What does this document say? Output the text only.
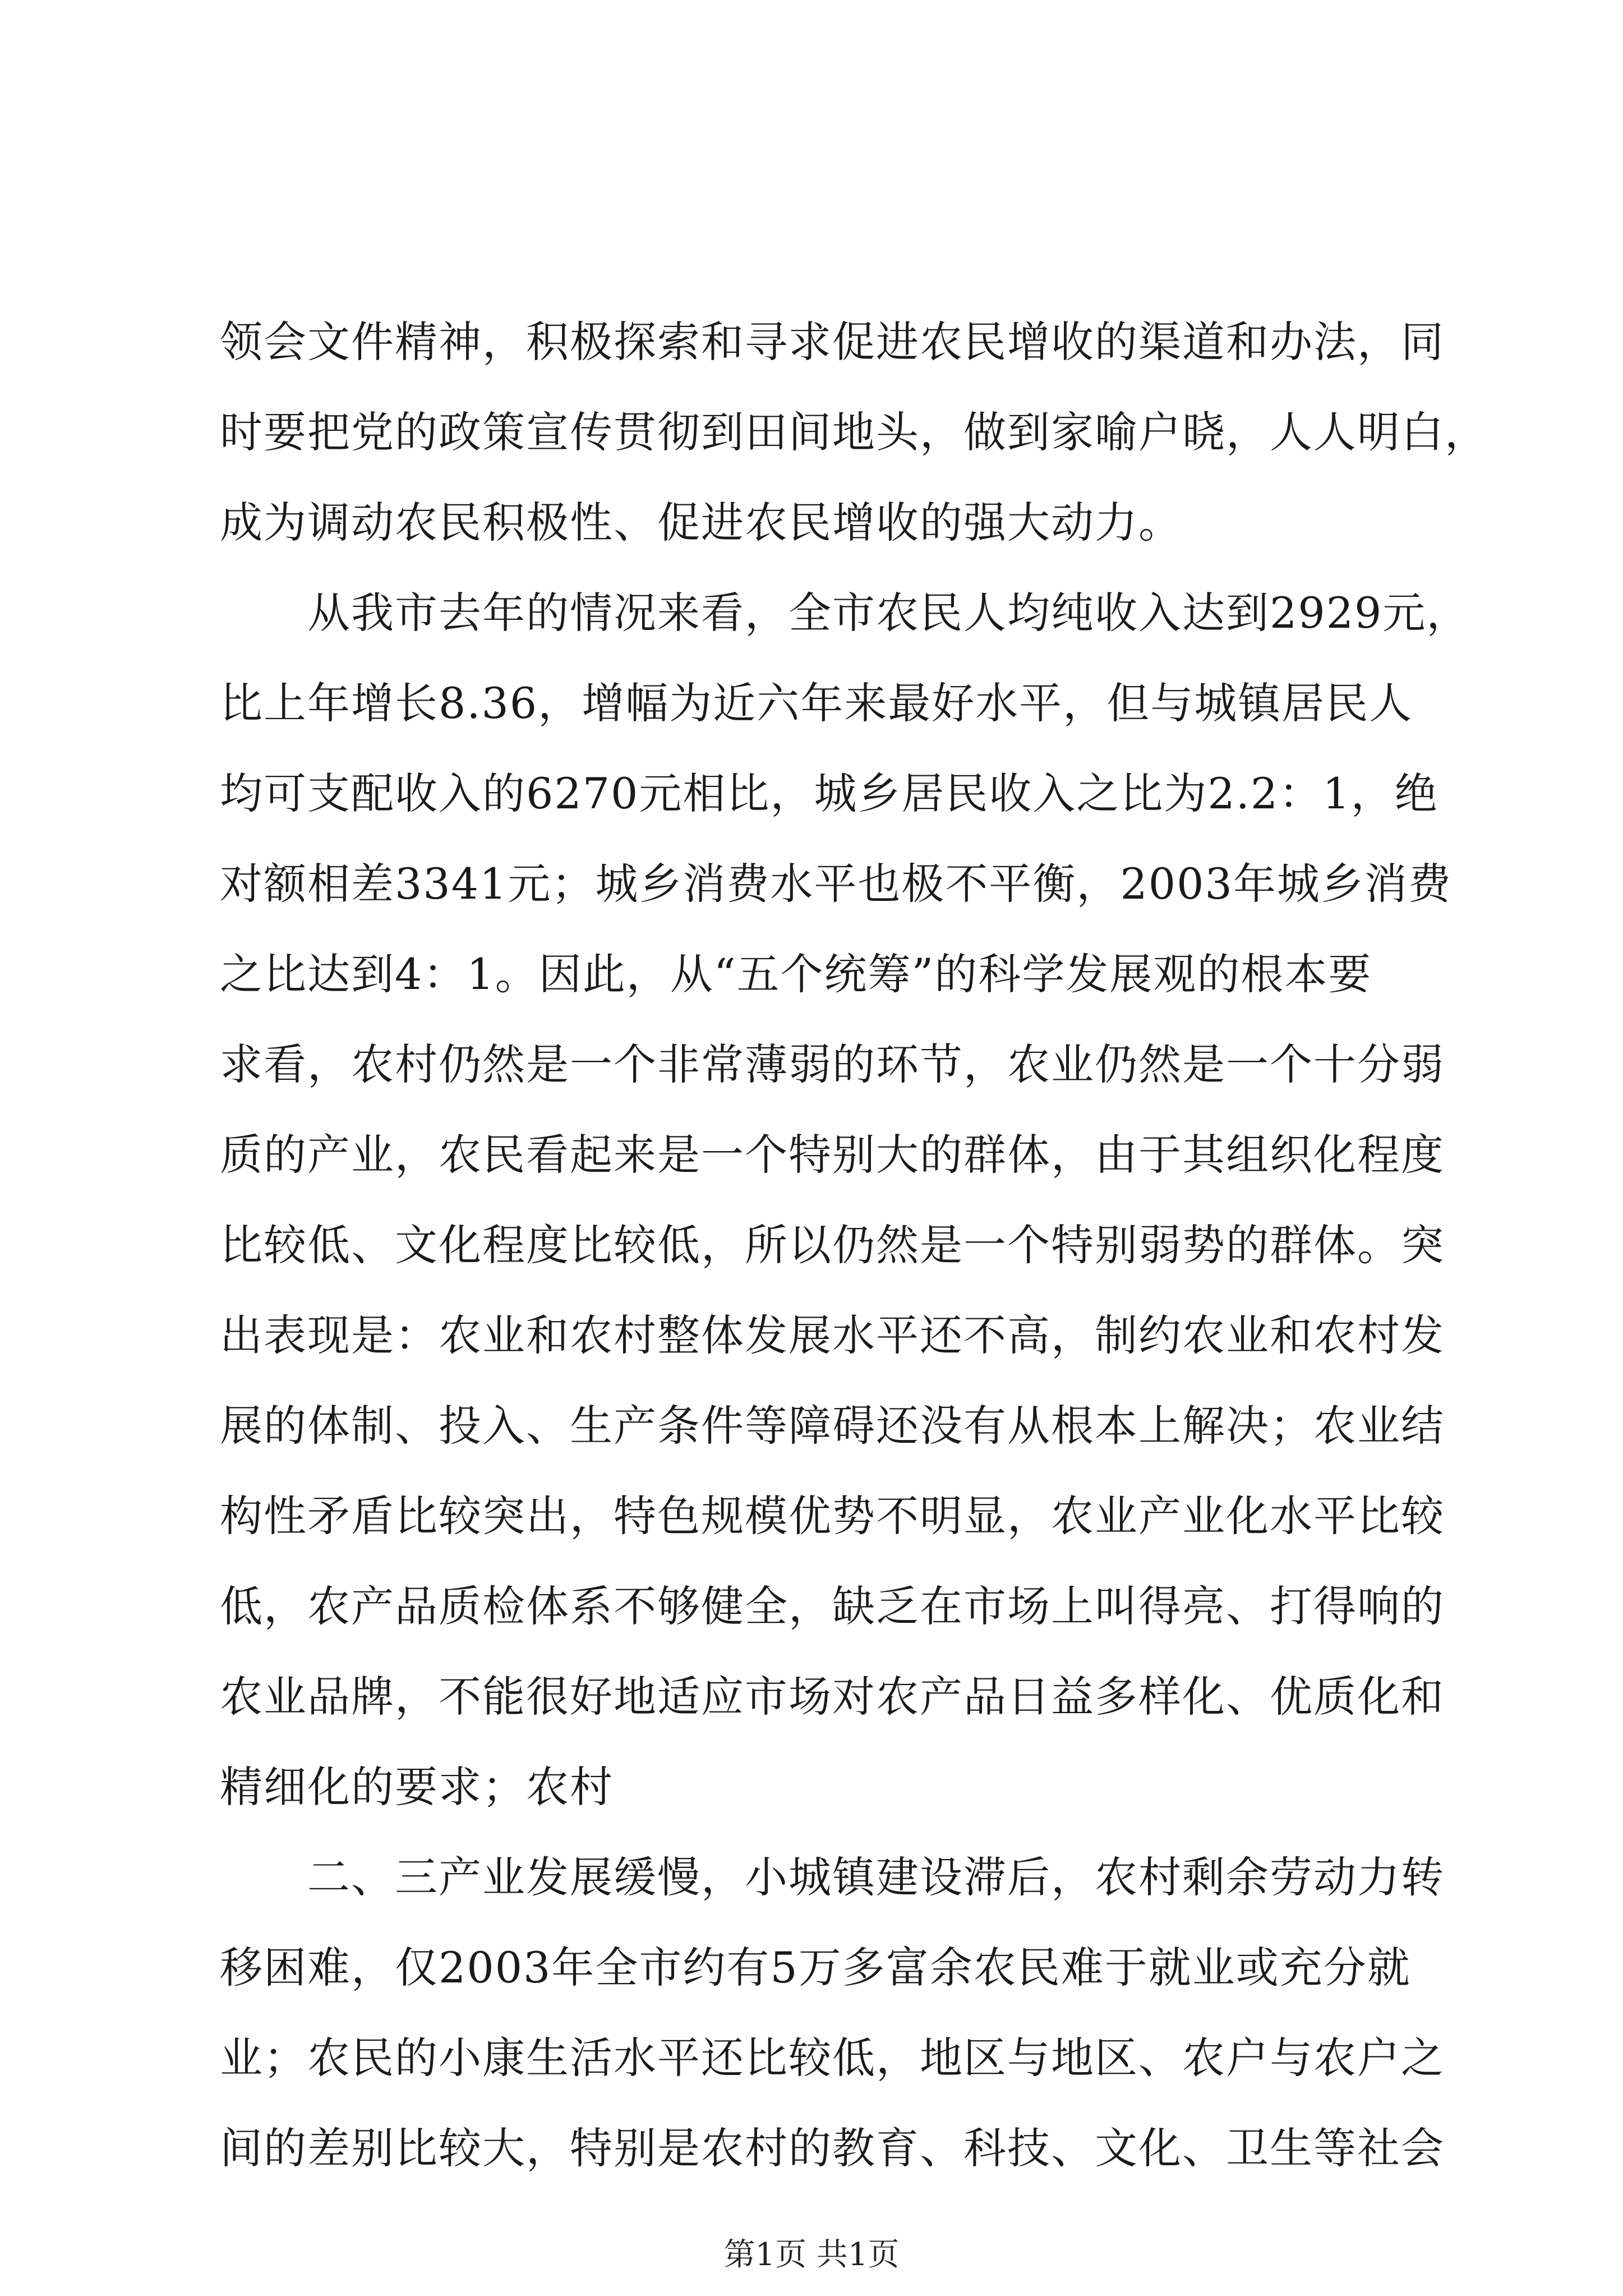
领会文件精神，积极探索和寻求促进农民增收的渠道和办法，同
时要把党的政策宣传贯彻到田间地头，做到家喻户晓，人人明白，
成为调动农民积极性、促进农民增收的强大动力。
　　从我市去年的情况来看，全市农民人均纯收入达到2929元，
比上年增长8.36，增幅为近六年来最好水平，但与城镇居民人
均可支配收入的6270元相比，城乡居民收入之比为2.2：1，绝
对额相差3341元；城乡消费水平也极不平衡，2003年城乡消费
之比达到4：1。因此，从“五个统筹”的科学发展观的根本要
求看，农村仍然是一个非常薄弱的环节，农业仍然是一个十分弱
质的产业，农民看起来是一个特别大的群体，由于其组织化程度
比较低、文化程度比较低，所以仍然是一个特别弱势的群体。突
出表现是：农业和农村整体发展水平还不高，制约农业和农村发
展的体制、投入、生产条件等障碍还没有从根本上解决；农业结
构性矛盾比较突出，特色规模优势不明显，农业产业化水平比较
低，农产品质检体系不够健全，缺乏在市场上叫得亮、打得响的
农业品牌，不能很好地适应市场对农产品日益多样化、优质化和
精细化的要求；农村
　　二、三产业发展缓慢，小城镇建设滞后，农村剩余劳动力转
移困难，仅2003年全市约有5万多富余农民难于就业或充分就
业；农民的小康生活水平还比较低，地区与地区、农户与农户之
间的差别比较大，特别是农村的教育、科技、文化、卫生等社会
第1页 共1页
